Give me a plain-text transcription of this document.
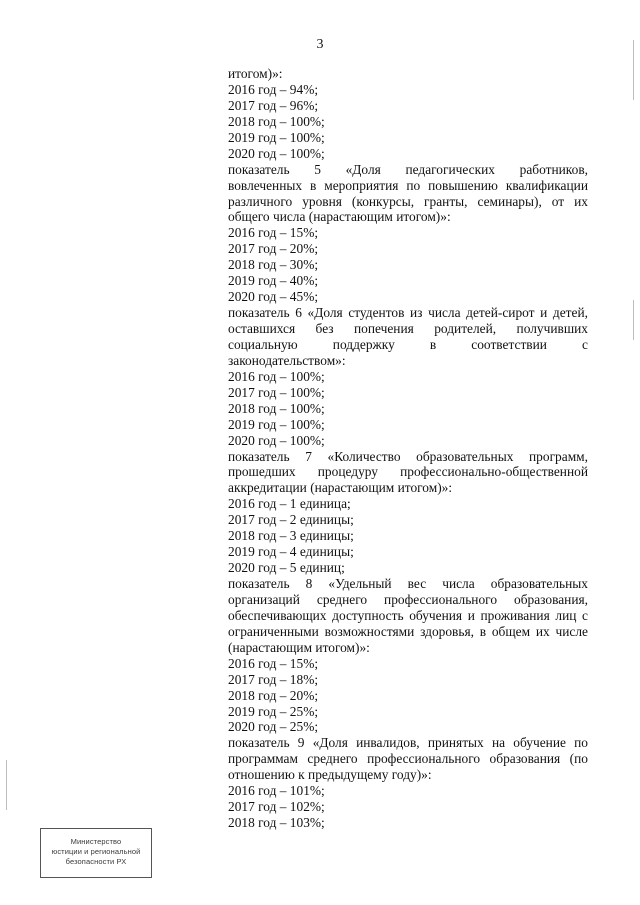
3
итогом)»:
2016 год – 94%;
2017 год – 96%;
2018 год – 100%;
2019 год – 100%;
2020 год – 100%;
показатель 5 «Доля педагогических работников,
вовлеченных в мероприятия по повышению квалификации
различного уровня (конкурсы, гранты, семинары), от их
общего числа (нарастающим итогом)»:
2016 год – 15%;
2017 год – 20%;
2018 год – 30%;
2019 год – 40%;
2020 год – 45%;
показатель 6 «Доля студентов из числа детей-сирот и детей,
оставшихся без попечения родителей, получивших
социальную поддержку в соответствии с
законодательством»:
2016 год – 100%;
2017 год – 100%;
2018 год – 100%;
2019 год – 100%;
2020 год – 100%;
показатель 7 «Количество образовательных программ,
прошедших процедуру профессионально-общественной
аккредитации (нарастающим итогом)»:
2016 год – 1 единица;
2017 год – 2 единицы;
2018 год – 3 единицы;
2019 год – 4 единицы;
2020 год – 5 единиц;
показатель 8 «Удельный вес числа образовательных
организаций среднего профессионального образования,
обеспечивающих доступность обучения и проживания лиц с
ограниченными возможностями здоровья, в общем их числе
(нарастающим итогом)»:
2016 год – 15%;
2017 год – 18%;
2018 год – 20%;
2019 год – 25%;
2020 год – 25%;
показатель 9 «Доля инвалидов, принятых на обучение по
программам среднего профессионального образования (по
отношению к предыдущему году)»:
2016 год – 101%;
2017 год – 102%;
2018 год – 103%;
Министерство
юстиции и региональной
безопасности РХ
